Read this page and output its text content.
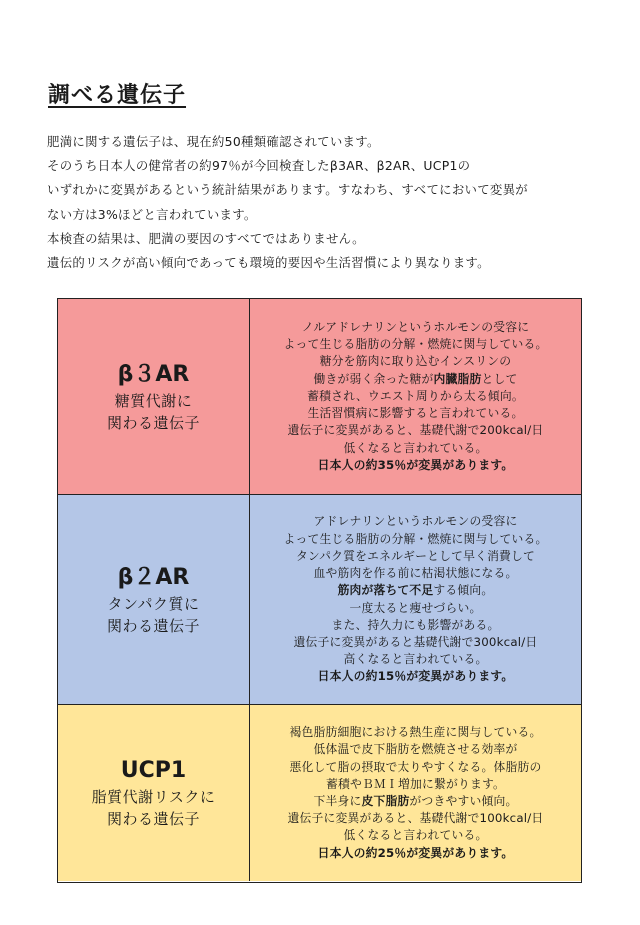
調べる遺伝子

肥満に関する遺伝子は、現在約50種類確認されています。

そのうち日本人の健常者の約97％が今回検査したβ3AR、β2AR、UCP1の

いずれかに変異があるという統計結果があります。すなわち、すべてにおいて変異が

ない方は3%ほどと言われています。

本検査の結果は、肥満の要因のすべてではありません。

遺伝的リスクが高い傾向であっても環境的要因や生活習慣により異なります。

β３AR
糖質代謝に
関わる遺伝子
ノルアドレナリンというホルモンの受容に
よって生じる脂肪の分解・燃焼に関与している。
糖分を筋肉に取り込むインスリンの
働きが弱く余った糖が内臓脂肪として
蓄積され、ウエスト周りから太る傾向。
生活習慣病に影響すると言われている。
遺伝子に変異があると、基礎代謝で200kcal/日
低くなると言われている。
日本人の約35％が変異があります。
β２AR
タンパク質に
関わる遺伝子
アドレナリンというホルモンの受容に
よって生じる脂肪の分解・燃焼に関与している。
タンパク質をエネルギーとして早く消費して
血や筋肉を作る前に枯渇状態になる。
筋肉が落ちて不足する傾向。
一度太ると痩せづらい。
また、持久力にも影響がある。
遺伝子に変異があると基礎代謝で300kcal/日
高くなると言われている。
日本人の約15％が変異があります。
UCP1
脂質代謝リスクに
関わる遺伝子
褐色脂肪細胞における熱生産に関与している。
低体温で皮下脂肪を燃焼させる効率が
悪化して脂の摂取で太りやすくなる。体脂肪の
蓄積やＢＭＩ増加に繋がります。
下半身に皮下脂肪がつきやすい傾向。
遺伝子に変異があると、基礎代謝で100kcal/日
低くなると言われている。
日本人の約25％が変異があります。
